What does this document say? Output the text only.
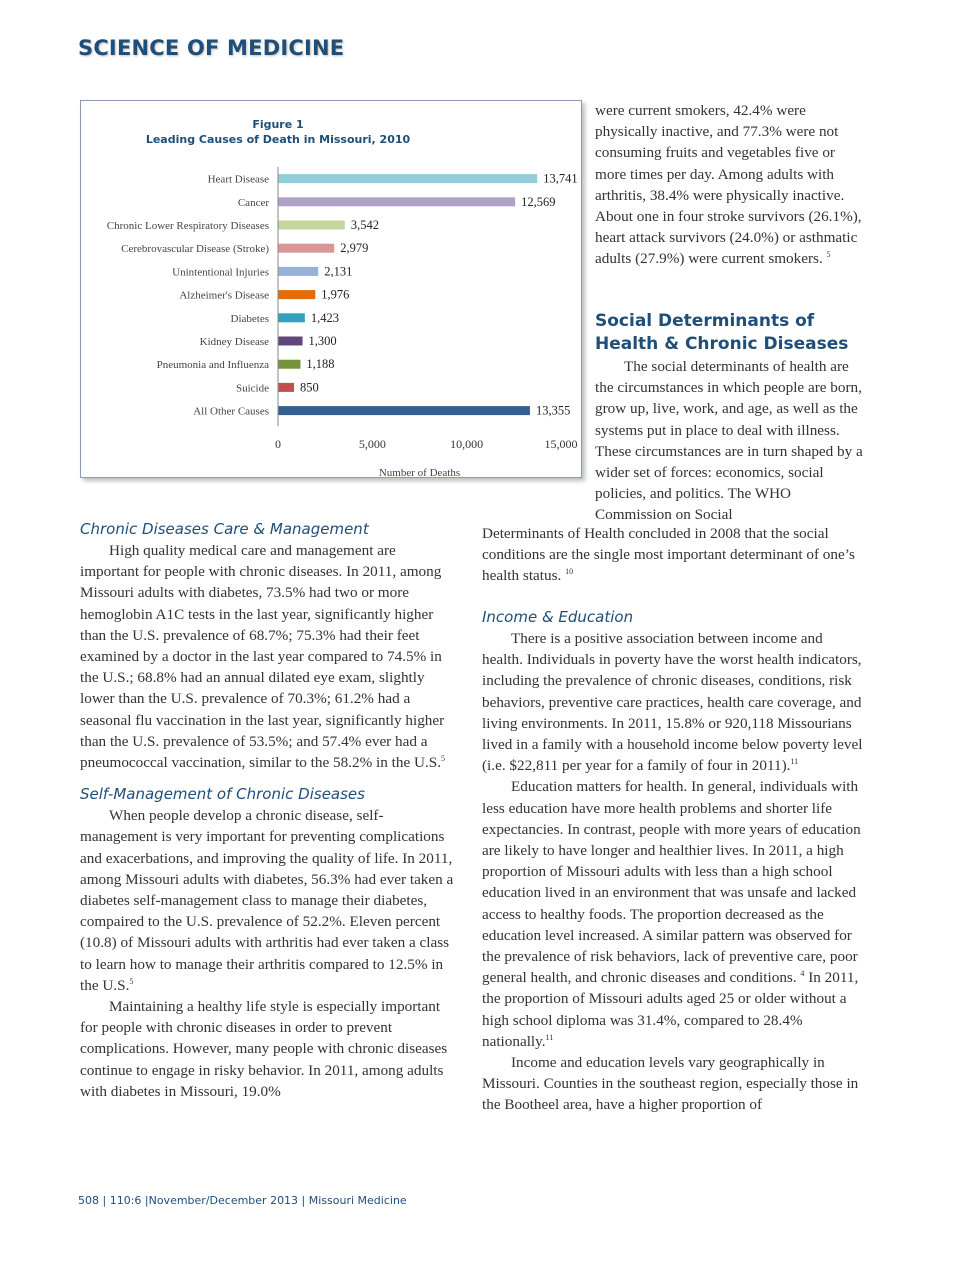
SCIENCE OF MEDICINE
Figure 1
Leading Causes of Death in Missouri, 2010
Heart Disease	13,741
Cancer	12,569
Chronic Lower Respiratory Diseases	3,542
Cerebrovascular Disease (Stroke)	2,979
Unintentional Injuries	2,131
Alzheimer's Disease	1,976
Diabetes	1,423
Kidney Disease	1,300
Pneumonia and Influenza	1,188
Suicide 850
All Other Causes	13,355
0	5,000	10,000	15,000
Number of Deaths
Chronic Diseases Care & Management

High quality medical care and management are important for people with chronic diseases. In 2011, among Missouri adults with diabetes, 73.5% had two or more hemoglobin A1C tests in the last year, significantly higher than the U.S. prevalence of 68.7%; 75.3% had their feet examined by a doctor in the last year compared to 74.5% in the U.S.; 68.8% had an annual dilated eye exam, slightly lower than the U.S. prevalence of 70.3%; 61.2% had a seasonal flu vaccination in the last year, significantly higher than the U.S. prevalence of 53.5%; and 57.4% ever had a pneumococcal vaccination, similar to the 58.2% in the U.S.$^5$

Self-Management of Chronic Diseases

When people develop a chronic disease, self-management is very important for preventing complications and exacerbations, and improving the quality of life. In 2011, among Missouri adults with diabetes, 56.3% had ever taken a diabetes self-management class to manage their diabetes, compaired to the U.S. prevalence of 52.2%. Eleven percent (10.8) of Missouri adults with arthritis had ever taken a class to learn how to manage their arthritis compared to 12.5% in the U.S.$^5$

Maintaining a healthy life style is especially important for people with chronic diseases in order to prevent complications. However, many people with chronic diseases continue to engage in risky behavior. In 2011, among adults with diabetes in Missouri, 19.0%

were current smokers, 42.4% were physically inactive, and 77.3% were not consuming fruits and vegetables five or more times per day. Among adults with arthritis, 38.4% were physically inactive. About one in four stroke survivors (26.1%), heart attack survivors (24.0%) or asthmatic adults (27.9%) were current smokers. $^5$

Social Determinants of Health & Chronic Diseases

The social determinants of health are the circumstances in which people are born, grow up, live, work, and age, as well as the systems put in place to deal with illness. These circumstances are in turn shaped by a wider set of forces: economics, social policies, and politics. The WHO Commission on Social

Determinants of Health concluded in 2008 that the social conditions are the single most important determinant of one’s health status. $^{10}$

Income & Education

There is a positive association between income and health. Individuals in poverty have the worst health indicators, including the prevalence of chronic diseases, conditions, risk behaviors, preventive care practices, health care coverage, and living environments. In 2011, 15.8% or 920,118 Missourians lived in a family with a household income below poverty level (i.e. $22,811 per year for a family of four in 2011).$^{11}$

Education matters for health. In general, individuals with less education have more health problems and shorter life expectancies. In contrast, people with more years of education are likely to have longer and healthier lives. In 2011, a high proportion of Missouri adults with less than a high school education lived in an environment that was unsafe and lacked access to healthy foods. The proportion decreased as the education level increased. A similar pattern was observed for the prevalence of risk behaviors, lack of preventive care, poor general health, and chronic diseases and conditions. $^4$ In 2011, the proportion of Missouri adults aged 25 or older without a high school diploma was 31.4%, compared to 28.4% nationally.$^{11}$

Income and education levels vary geographically in Missouri. Counties in the southeast region, especially those in the Bootheel area, have a higher proportion of

508 | 110:6 |November/December 2013 | Missouri Medicine
